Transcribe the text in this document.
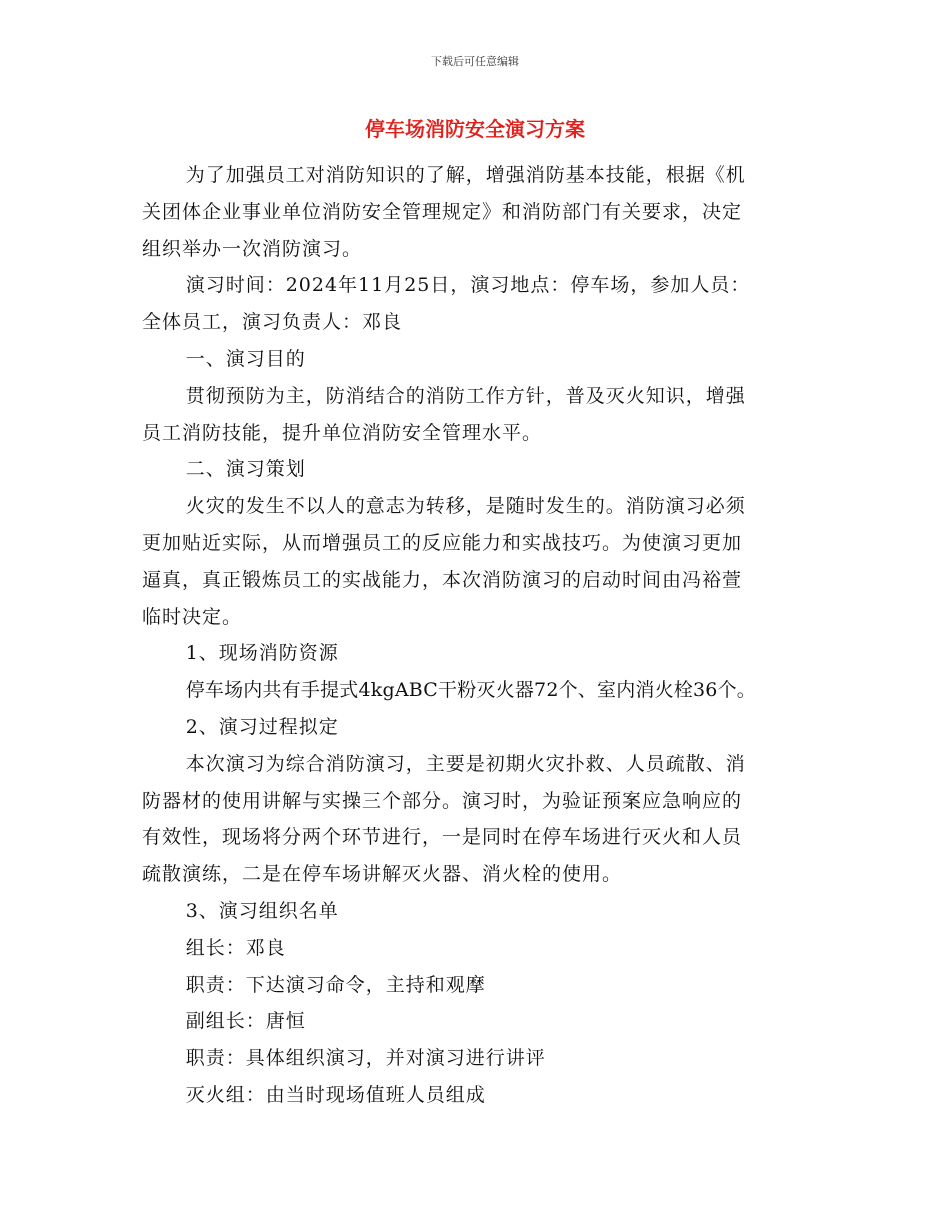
下载后可任意编辑
停车场消防安全演习方案

为了加强员工对消防知识的了解，增强消防基本技能，根据《机
关团体企业事业单位消防安全管理规定》和消防部门有关要求，决定
组织举办一次消防演习。

演习时间：2024年11月25日，演习地点：停车场，参加人员：
全体员工，演习负责人：邓良

一、演习目的

贯彻预防为主，防消结合的消防工作方针，普及灭火知识，增强
员工消防技能，提升单位消防安全管理水平。

二、演习策划

火灾的发生不以人的意志为转移，是随时发生的。消防演习必须
更加贴近实际，从而增强员工的反应能力和实战技巧。为使演习更加
逼真，真正锻炼员工的实战能力，本次消防演习的启动时间由冯裕萱
临时决定。

1、现场消防资源

停车场内共有手提式4kgABC干粉灭火器72个、室内消火栓36个。

2、演习过程拟定

本次演习为综合消防演习，主要是初期火灾扑救、人员疏散、消
防器材的使用讲解与实操三个部分。演习时，为验证预案应急响应的
有效性，现场将分两个环节进行，一是同时在停车场进行灭火和人员
疏散演练，二是在停车场讲解灭火器、消火栓的使用。

3、演习组织名单

组长：邓良

职责：下达演习命令，主持和观摩

副组长：唐恒

职责：具体组织演习，并对演习进行讲评

灭火组：由当时现场值班人员组成
